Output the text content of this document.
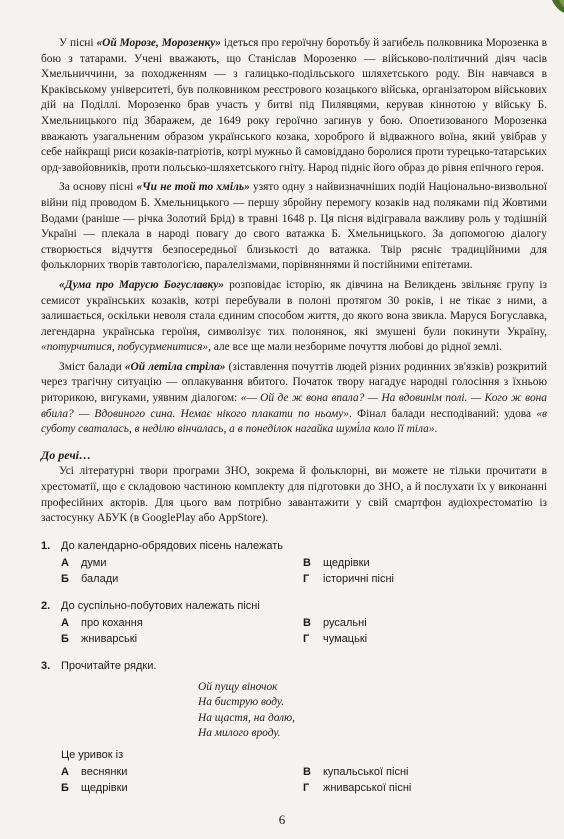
У пісні «Ой Морозе, Морозенку» ідеться про героїчну боротьбу й загибель полковника Морозенка в бою з татарами. Учені вважають, що Станіслав Морозенко — військово-політичний діяч часів Хмельниччини, за походженням — з галицько-подільського шляхетського роду. Він навчався в Краківському університеті, був полковником реєстрового козацького війська, організатором військових дій на Поділлі. Морозенко брав участь у битві під Пилявцями, керував кіннотою у війську Б. Хмельницького під Збаражем, де 1649 року героїчно загинув у бою. Опоетизованого Морозенка вважають узагальненим образом українського козака, хороброго й відважного воїна, який увібрав у себе найкращі риси козаків-патріотів, котрі мужньо й самовіддано боролися проти турецько-татарських орд-завойовників, проти польсько-шляхетського гніту. Народ підніс його образ до рівня епічного героя.

За основу пісні «Чи не той то хміль» узято одну з найвизначніших подій Національно-визвольної війни під проводом Б. Хмельницького — першу збройну перемогу козаків над поляками під Жовтими Водами (раніше — річка Золотий Брід) в травні 1648 р. Ця пісня відігравала важливу роль у тодішній Україні — плекала в народі повагу до свого ватажка Б. Хмельницького. За допомогою діалогу створюється відчуття безпосередньої близькості до ватажка. Твір рясніє традиційними для фольклорних творів тавтологією, паралелізмами, порівняннями й постійними епітетами.

«Дума про Марусю Богуславку» розповідає історію, як дівчина на Великдень звільняє групу із семисот українських козаків, котрі перебували в полоні протягом 30 років, і не тікає з ними, а залишається, оскільки неволя стала єдиним способом життя, до якого вона звикла. Маруся Богуславка, легендарна українська героїня, символізує тих полонянок, які змушені були покинути Україну, «потурчитися, побусурменитися», але все ще мали незборимe почуття любові до рідної землі.

Зміст балади «Ой летіла стріла» (зіставлення почуттів людей різних родинних зв'язків) розкритий через трагічну ситуацію — оплакування вбитого. Початок твору нагадує народні голосіння з їхньою риторикою, вигуками, уявним діалогом: «— Ой де ж вона впала? — На вдовинім полі. — Кого ж вона вбила? — Вдовиного сина. Немає нікого плакати по ньому». Фінал балади несподіваний: удова «в суботу сваталась, в неділю вінчалась, а в понеділок нагайка шумі́ла коло її тіла».

До речі…

Усі літературні твори програми ЗНО, зокрема й фольклорні, ви можете не тільки прочитати в хрестоматії, що є складовою частиною комплекту для підготовки до ЗНО, а й послухати їх у виконанні професійних акторів. Для цього вам потрібно завантажити у свій смартфон аудіохрестоматію із застосунку АБУК (в GooglePlay або AppStore).

1. До календарно-обрядових пісень належать
А	думи	В	щедрівки
Б	балади	Г	історичні пісні
2. До суспільно-побутових належать пісні
А	про кохання	В	русальні
Б	жниварські	Г	чумацькі
3. Прочитайте рядки.
Ой пущу віночок
На биструю воду.
На щастя, на долю,
На милого вроду.
Це уривок із
А	веснянки	В	купальської пісні
Б	щедрівки	Г	жниварської пісні
6
